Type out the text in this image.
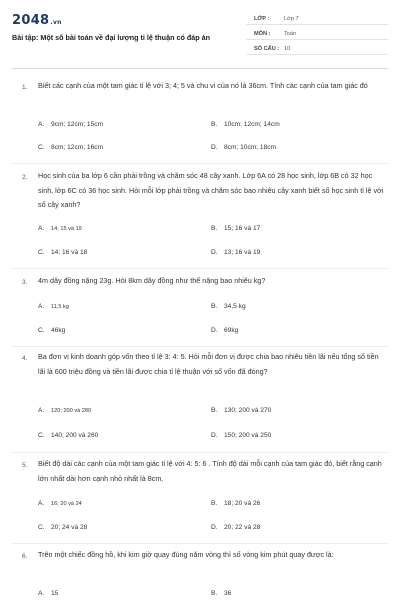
2048.vn
Bài tập: Một số bài toán về đại lượng tỉ lệ thuận có đáp án
LỚP :	Lớp 7
MÔN : Toán
SỐ CÂU : 10
1. Biết các cạnh của một tam giác tỉ lệ với 3; 4; 5 và chu vi của nó là 36cm. Tính các cạnh của tam giác đó
A. 9cm; 12cm; 15cm	B. 10cm; 12cm; 14cm
C. 8cm; 12cm; 16cm	D. 8cm; 10cm; 18cm
2. Học sinh của ba lớp 6 cần phải trồng và chăm sóc 48 cây xanh. Lớp 6A có 28 học sinh, lớp 6B có 32 học sinh, lớp 6C có 36 học sinh. Hỏi mỗi lớp phải trồng và chăm sóc bao nhiêu cây xanh biết số học sinh tỉ lệ với số cây xanh?
A. 14; 15 và 19	B. 15; 16 và 17
C. 14; 16 và 18	D. 13; 16 và 19
3. 4m dây đồng nặng 23g. Hỏi 8km dây đồng như thế nặng bao nhiêu kg?
A. 11,5 kg	B. 34,5 kg
C. 46kg	D. 69kg
4. Ba đơn vị kinh doanh góp vốn theo tỉ lệ 3: 4: 5. Hỏi mỗi đơn vị được chia bao nhiêu tiền lãi nếu tổng số tiền lãi là 600 triệu đồng và tiền lãi được chia tỉ lệ thuận với số vốn đã đóng?
A. 120; 200 và 280	B. 130; 200 và 270
C. 140; 200 và 260	D. 150; 200 và 250
5. Biết độ dài các cạnh của một tam giác tỉ lệ với 4: 5: 6 . Tính độ dài mỗi cạnh của tam giác đó, biết rằng cạnh lớn nhất dài hơn cạnh nhỏ nhất là 8cm.
A. 16; 20 và 24	B. 18; 20 và 26
C. 20; 24 và 28	D. 20; 22 và 28
6. Trên một chiếc đồng hồ, khi kim giờ quay đúng năm vòng thì số vòng kim phút quay được là:
A. 15	B. 36
